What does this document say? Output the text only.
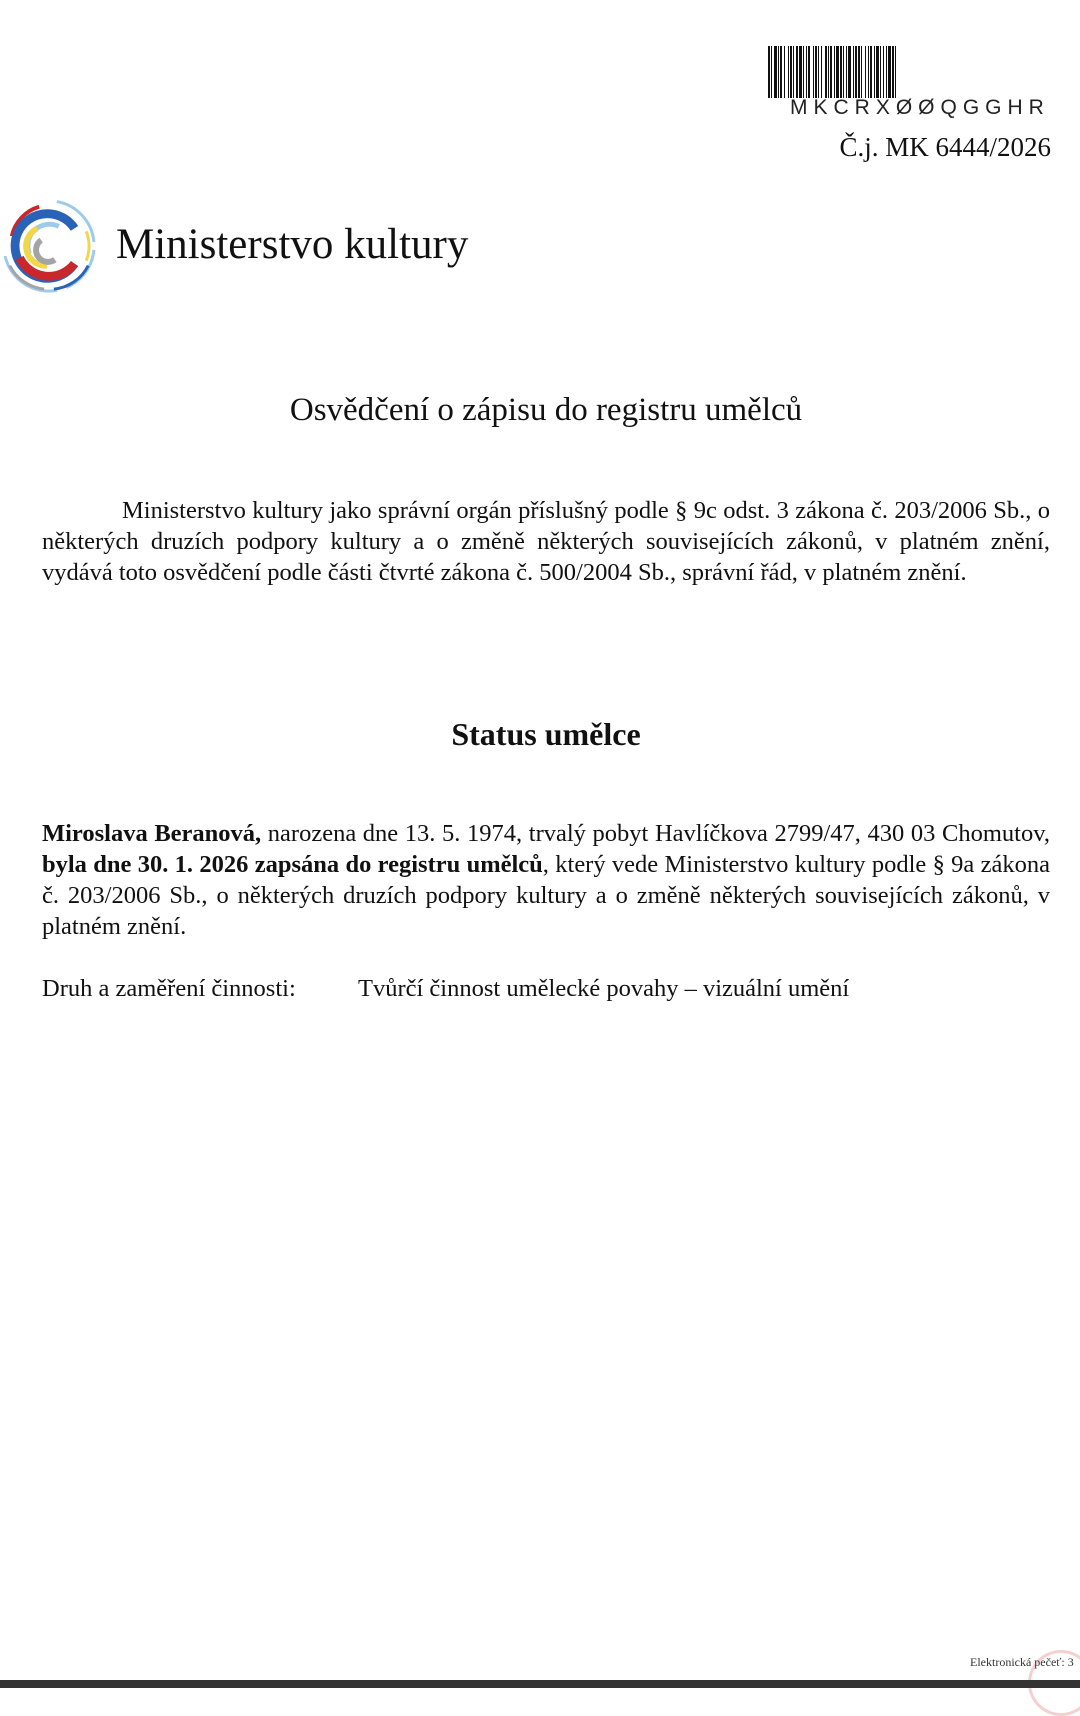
MKCRXØØQGGHR
Č.j. MK 6444/2026
Ministerstvo kultury
Osvědčení o zápisu do registru umělců
Ministerstvo kultury jako správní orgán příslušný podle § 9c odst. 3 zákona č. 203/2006 Sb., o některých druzích podpory kultury a o změně některých souvisejících zákonů, v platném znění, vydává toto osvědčení podle části čtvrté zákona č. 500/2004 Sb., správní řád, v platném znění.
Status umělce
Miroslava Beranová, narozena dne 13. 5. 1974, trvalý pobyt Havlíčkova 2799/47, 430 03 Chomutov, byla dne 30. 1. 2026 zapsána do registru umělců, který vede Ministerstvo kultury podle § 9a zákona č. 203/2006 Sb., o některých druzích podpory kultury a o změně některých souvisejících zákonů, v platném znění.
Druh a zaměření činnosti:	Tvůrčí činnost umělecké povahy – vizuální umění
Elektronická pečeť: 3
